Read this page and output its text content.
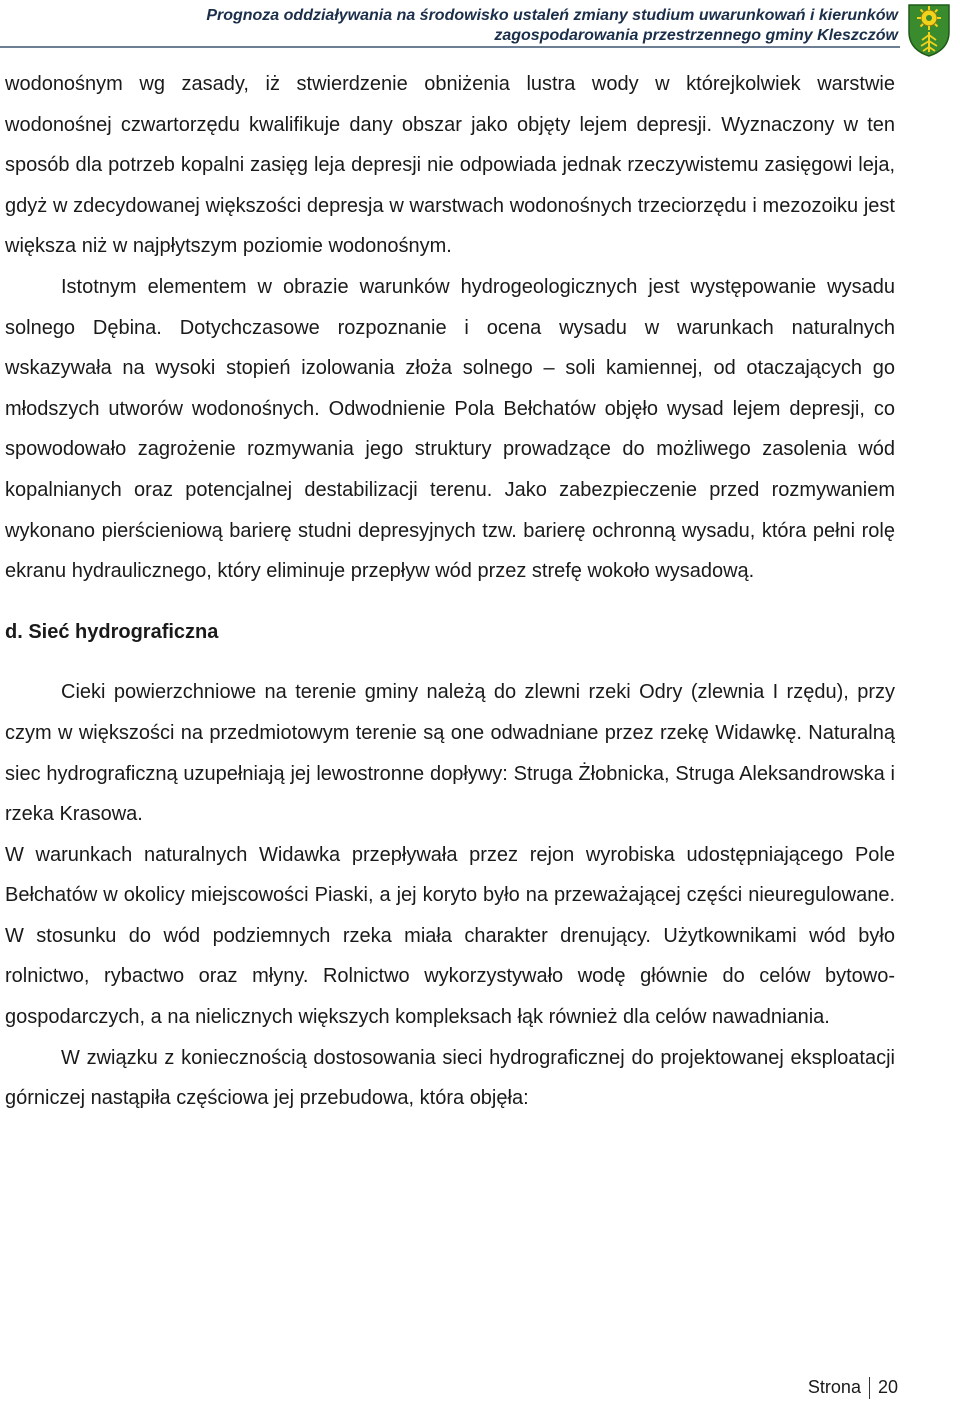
Prognoza oddziaływania na środowisko ustaleń zmiany studium uwarunkowań i kierunków
zagospodarowania przestrzennego gminy Kleszczów

wodonośnym wg zasady, iż stwierdzenie obniżenia lustra wody w którejkolwiek warstwie wodonośnej czwartorzędu kwalifikuje dany obszar jako objęty lejem depresji. Wyznaczony w ten sposób dla potrzeb kopalni zasięg leja depresji nie odpowiada jednak rzeczywistemu zasięgowi leja, gdyż w zdecydowanej większości depresja w warstwach wodonośnych trzeciorzędu i mezozoiku jest większa niż w najpłytszym poziomie wodonośnym.

Istotnym elementem w obrazie warunków hydrogeologicznych jest występowanie wysadu solnego Dębina. Dotychczasowe rozpoznanie i ocena wysadu w warunkach naturalnych wskazywała na wysoki stopień izolowania złoża solnego – soli kamiennej, od otaczających go młodszych utworów wodonośnych. Odwodnienie Pola Bełchatów objęło wysad lejem depresji, co spowodowało zagrożenie rozmywania jego struktury prowadzące do możliwego zasolenia wód kopalnianych oraz potencjalnej destabilizacji terenu. Jako zabezpieczenie przed rozmywaniem wykonano pierścieniową barierę studni depresyjnych tzw. barierę ochronną wysadu, która pełni rolę ekranu hydraulicznego, który eliminuje przepływ wód przez strefę wokoło wysadową.

d. Sieć hydrograficzna

Cieki powierzchniowe na terenie gminy należą do zlewni rzeki Odry (zlewnia I rzędu), przy czym w większości na przedmiotowym terenie są one odwadniane przez rzekę Widawkę. Naturalną siec hydrograficzną uzupełniają jej lewostronne dopływy: Struga Żłobnicka, Struga Aleksandrowska i rzeka Krasowa.

W warunkach naturalnych Widawka przepływała przez rejon wyrobiska udostępniającego Pole Bełchatów w okolicy miejscowości Piaski, a jej koryto było na przeważającej części nieuregulowane. W stosunku do wód podziemnych rzeka miała charakter drenujący. Użytkownikami wód było rolnictwo, rybactwo oraz młyny. Rolnictwo wykorzystywało wodę głównie do celów bytowo-gospodarczych, a na nielicznych większych kompleksach łąk również dla celów nawadniania.

W związku z koniecznością dostosowania sieci hydrograficznej do projektowanej eksploatacji górniczej nastąpiła częściowa jej przebudowa, która objęła:

Strona 20
